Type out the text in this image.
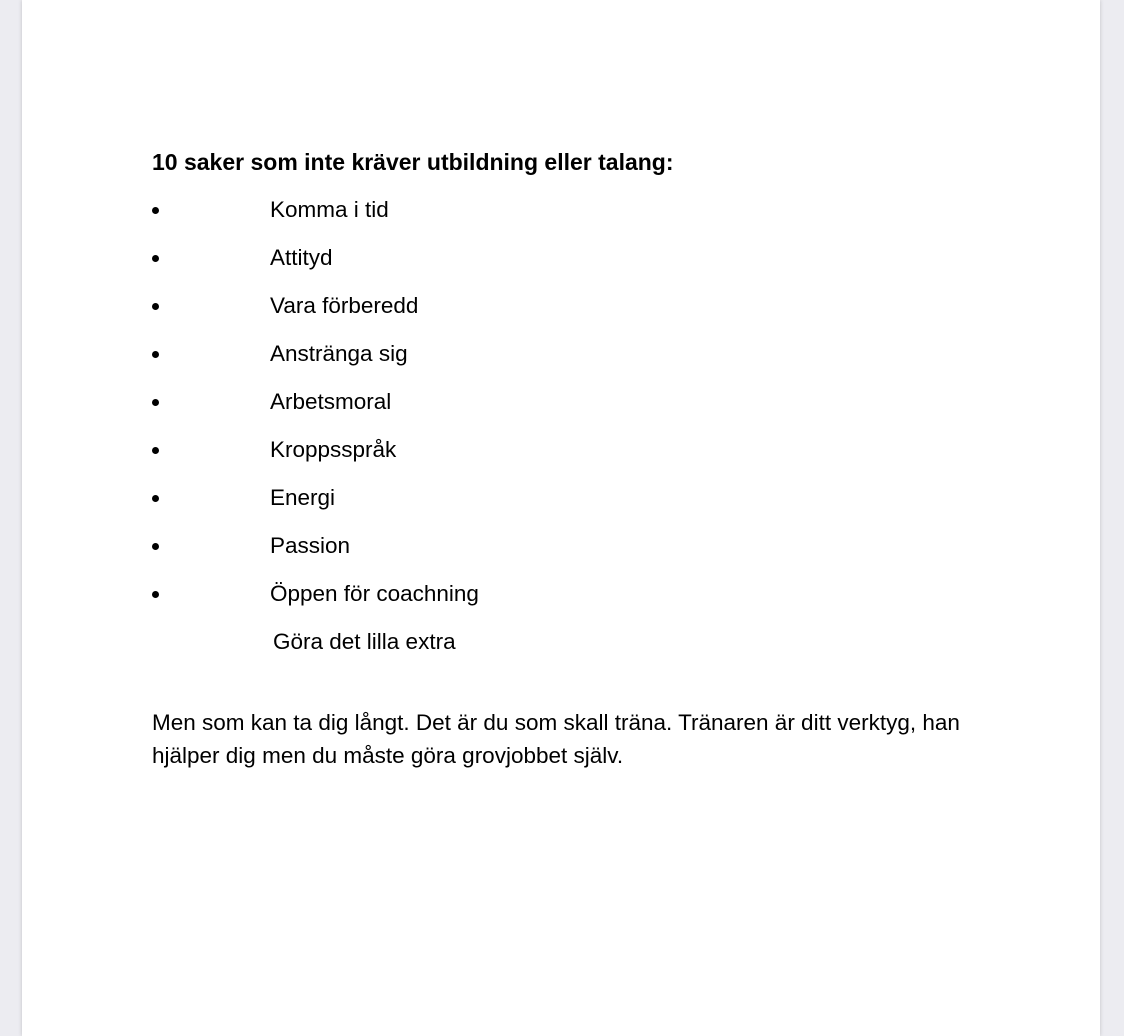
10 saker som inte kräver utbildning eller talang:
Komma i tid
Attityd
Vara förberedd
Anstränga sig
Arbetsmoral
Kroppsspråk
Energi
Passion
Öppen för coachning
Göra det lilla extra

Men som kan ta dig långt. Det är du som skall träna. Tränaren är ditt verktyg, han hjälper dig men du måste göra grovjobbet själv.
